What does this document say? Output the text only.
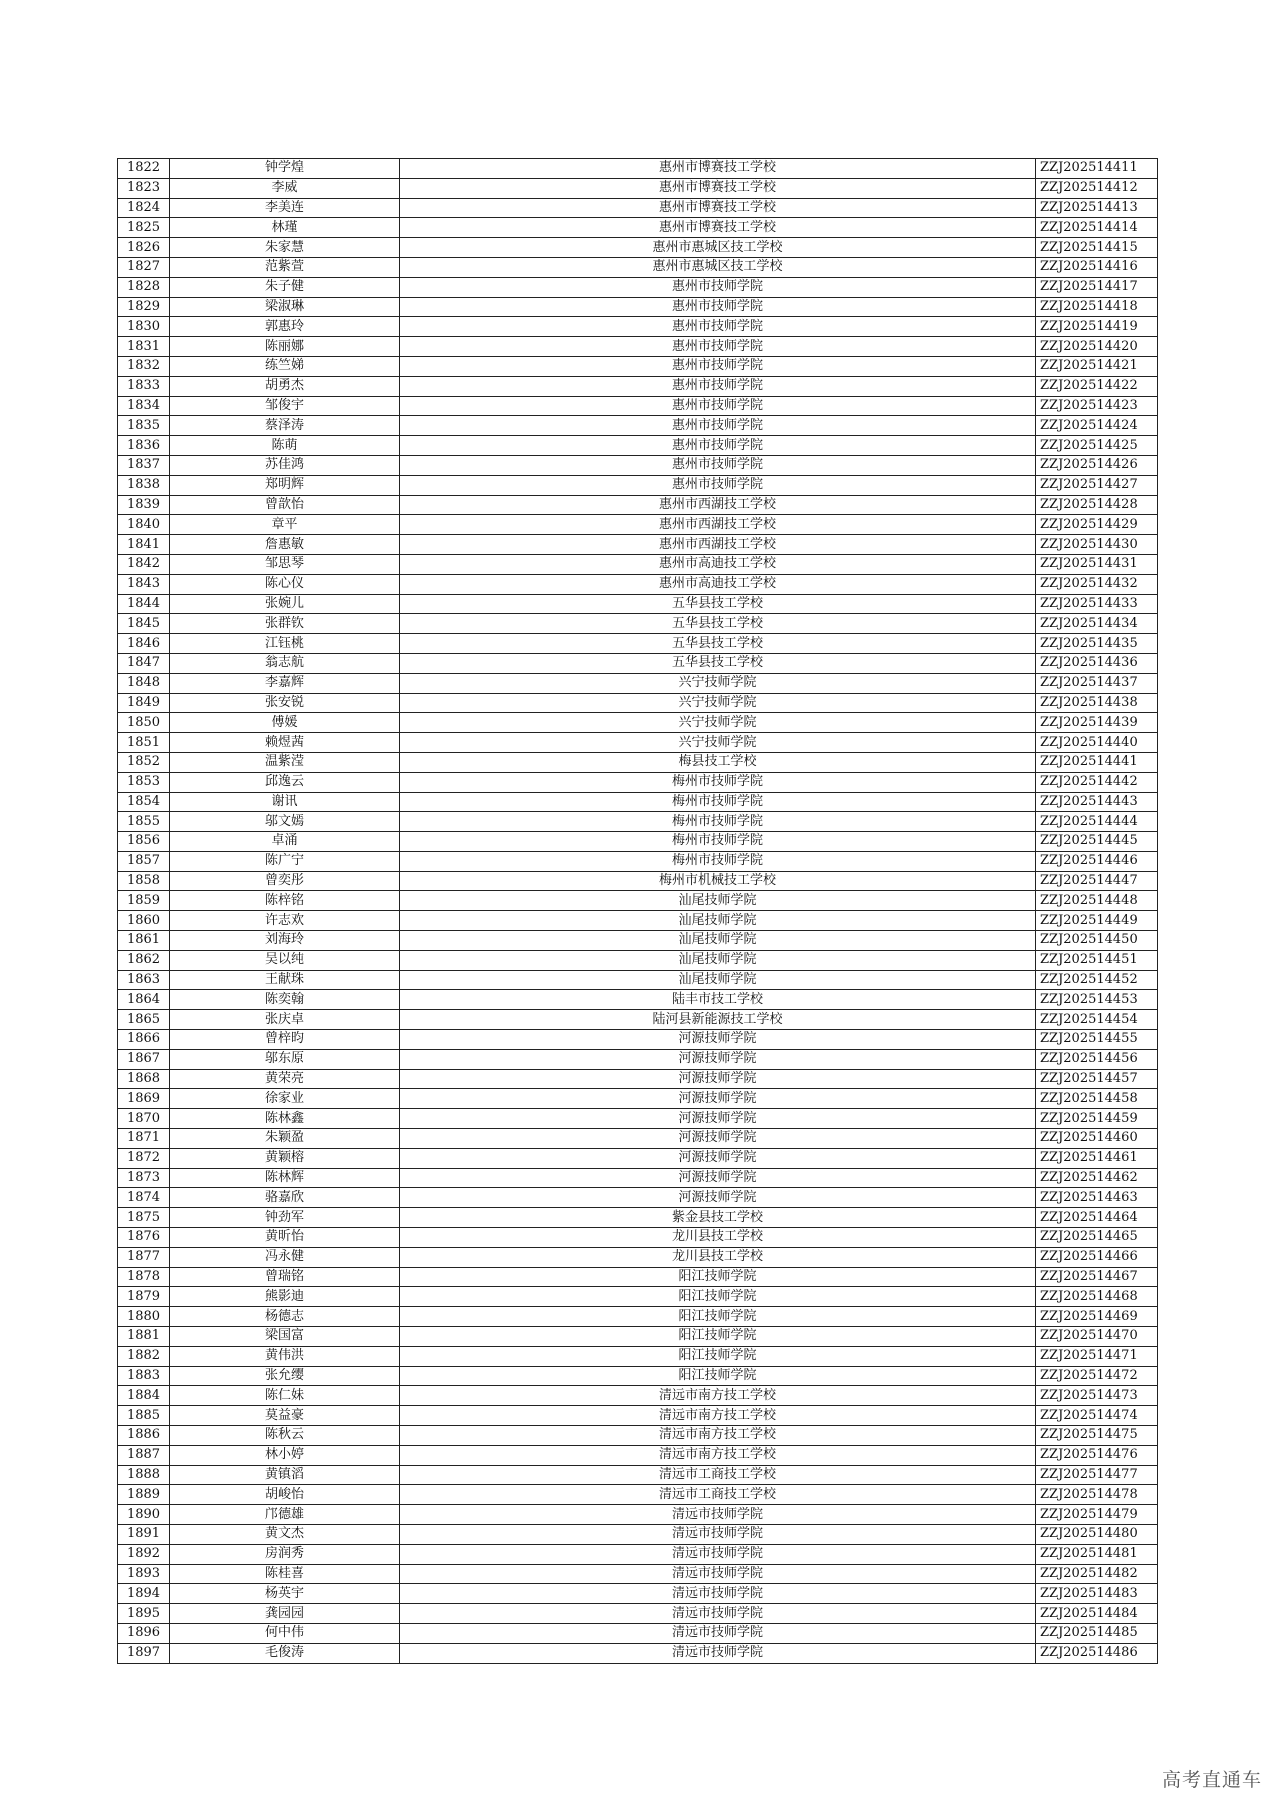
1822	钟学煌	惠州市博赛技工学校	ZZJ202514411
1823	李威	惠州市博赛技工学校	ZZJ202514412
1824	李美连	惠州市博赛技工学校	ZZJ202514413
1825	林瑾	惠州市博赛技工学校	ZZJ202514414
1826	朱家慧	惠州市惠城区技工学校	ZZJ202514415
1827	范紫萱	惠州市惠城区技工学校	ZZJ202514416
1828	朱子健	惠州市技师学院	ZZJ202514417
1829	梁淑琳	惠州市技师学院	ZZJ202514418
1830	郭惠玲	惠州市技师学院	ZZJ202514419
1831	陈丽娜	惠州市技师学院	ZZJ202514420
1832	练竺娣	惠州市技师学院	ZZJ202514421
1833	胡勇杰	惠州市技师学院	ZZJ202514422
1834	邹俊宇	惠州市技师学院	ZZJ202514423
1835	蔡泽涛	惠州市技师学院	ZZJ202514424
1836	陈萌	惠州市技师学院	ZZJ202514425
1837	苏佳鸿	惠州市技师学院	ZZJ202514426
1838	郑明辉	惠州市技师学院	ZZJ202514427
1839	曾歆怡	惠州市西湖技工学校	ZZJ202514428
1840	章平	惠州市西湖技工学校	ZZJ202514429
1841	詹惠敏	惠州市西湖技工学校	ZZJ202514430
1842	邹思琴	惠州市高迪技工学校	ZZJ202514431
1843	陈心仪	惠州市高迪技工学校	ZZJ202514432
1844	张婉儿	五华县技工学校	ZZJ202514433
1845	张群钦	五华县技工学校	ZZJ202514434
1846	江钰桃	五华县技工学校	ZZJ202514435
1847	翁志航	五华县技工学校	ZZJ202514436
1848	李嘉辉	兴宁技师学院	ZZJ202514437
1849	张安锐	兴宁技师学院	ZZJ202514438
1850	傅媛	兴宁技师学院	ZZJ202514439
1851	赖煜茜	兴宁技师学院	ZZJ202514440
1852	温紫滢	梅县技工学校	ZZJ202514441
1853	邱逸云	梅州市技师学院	ZZJ202514442
1854	谢讯	梅州市技师学院	ZZJ202514443
1855	邬文嫣	梅州市技师学院	ZZJ202514444
1856	卓涌	梅州市技师学院	ZZJ202514445
1857	陈广宁	梅州市技师学院	ZZJ202514446
1858	曾奕彤	梅州市机械技工学校	ZZJ202514447
1859	陈梓铭	汕尾技师学院	ZZJ202514448
1860	许志欢	汕尾技师学院	ZZJ202514449
1861	刘海玲	汕尾技师学院	ZZJ202514450
1862	吴以纯	汕尾技师学院	ZZJ202514451
1863	王献珠	汕尾技师学院	ZZJ202514452
1864	陈奕翰	陆丰市技工学校	ZZJ202514453
1865	张庆卓	陆河县新能源技工学校	ZZJ202514454
1866	曾梓昀	河源技师学院	ZZJ202514455
1867	邬东原	河源技师学院	ZZJ202514456
1868	黄荣亮	河源技师学院	ZZJ202514457
1869	徐家业	河源技师学院	ZZJ202514458
1870	陈林鑫	河源技师学院	ZZJ202514459
1871	朱颖盈	河源技师学院	ZZJ202514460
1872	黄颖榕	河源技师学院	ZZJ202514461
1873	陈林辉	河源技师学院	ZZJ202514462
1874	骆嘉欣	河源技师学院	ZZJ202514463
1875	钟劲军	紫金县技工学校	ZZJ202514464
1876	黄昕怡	龙川县技工学校	ZZJ202514465
1877	冯永健	龙川县技工学校	ZZJ202514466
1878	曾瑞铭	阳江技师学院	ZZJ202514467
1879	熊影迪	阳江技师学院	ZZJ202514468
1880	杨德志	阳江技师学院	ZZJ202514469
1881	梁国富	阳江技师学院	ZZJ202514470
1882	黄伟洪	阳江技师学院	ZZJ202514471
1883	张允缨	阳江技师学院	ZZJ202514472
1884	陈仁妹	清远市南方技工学校	ZZJ202514473
1885	莫益豪	清远市南方技工学校	ZZJ202514474
1886	陈秋云	清远市南方技工学校	ZZJ202514475
1887	林小婷	清远市南方技工学校	ZZJ202514476
1888	黄镇滔	清远市工商技工学校	ZZJ202514477
1889	胡峻怡	清远市工商技工学校	ZZJ202514478
1890	邝德雄	清远市技师学院	ZZJ202514479
1891	黄文杰	清远市技师学院	ZZJ202514480
1892	房润秀	清远市技师学院	ZZJ202514481
1893	陈桂喜	清远市技师学院	ZZJ202514482
1894	杨英宇	清远市技师学院	ZZJ202514483
1895	龚园园	清远市技师学院	ZZJ202514484
1896	何中伟	清远市技师学院	ZZJ202514485
1897	毛俊涛	清远市技师学院	ZZJ202514486
高考直通车
